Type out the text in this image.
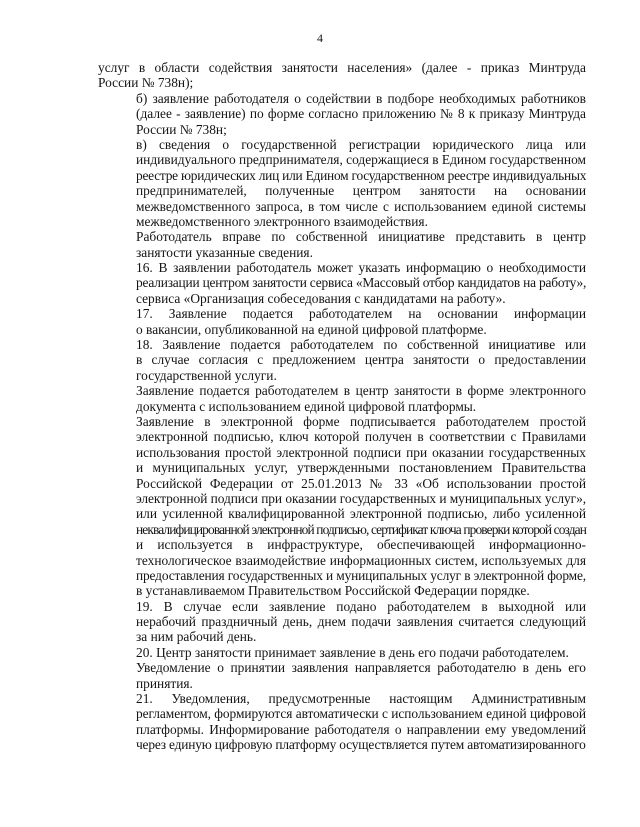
4
услуг в области содействия занятости населения» (далее - приказ Минтруда
России № 738н);
б) заявление работодателя о содействии в подборе необходимых работников
(далее - заявление) по форме согласно приложению № 8 к приказу Минтруда
России № 738н;
в) сведения о государственной регистрации юридического лица или
индивидуального предпринимателя, содержащиеся в Едином государственном
реестре юридических лиц или Едином государственном реестре индивидуальных
предпринимателей, полученные центром занятости на основании
межведомственного запроса, в том числе с использованием единой системы
межведомственного электронного взаимодействия.
Работодатель вправе по собственной инициативе представить в центр
занятости указанные сведения.
16. В заявлении работодатель может указать информацию о необходимости
реализации центром занятости сервиса «Массовый отбор кандидатов на работу»,
сервиса «Организация собеседования с кандидатами на работу».
17. Заявление подается работодателем на основании информации
о вакансии, опубликованной на единой цифровой платформе.
18. Заявление подается работодателем по собственной инициативе или
в случае согласия с предложением центра занятости о предоставлении
государственной услуги.
Заявление подается работодателем в центр занятости в форме электронного
документа с использованием единой цифровой платформы.
Заявление в электронной форме подписывается работодателем простой
электронной подписью, ключ которой получен в соответствии с Правилами
использования простой электронной подписи при оказании государственных
и муниципальных услуг, утвержденными постановлением Правительства
Российской Федерации от 25.01.2013 № 33 «Об использовании простой
электронной подписи при оказании государственных и муниципальных услуг»,
или усиленной квалифицированной электронной подписью, либо усиленной
неквалифицированной электронной подписью, сертификат ключа проверки которой создан
и используется в инфраструктуре, обеспечивающей информационно-
технологическое взаимодействие информационных систем, используемых для
предоставления государственных и муниципальных услуг в электронной форме,
в устанавливаемом Правительством Российской Федерации порядке.
19. В случае если заявление подано работодателем в выходной или
нерабочий праздничный день, днем подачи заявления считается следующий
за ним рабочий день.
20. Центр занятости принимает заявление в день его подачи работодателем.
Уведомление о принятии заявления направляется работодателю в день его
принятия.
21. Уведомления, предусмотренные настоящим Административным
регламентом, формируются автоматически с использованием единой цифровой
платформы. Информирование работодателя о направлении ему уведомлений
через единую цифровую платформу осуществляется путем автоматизированного
